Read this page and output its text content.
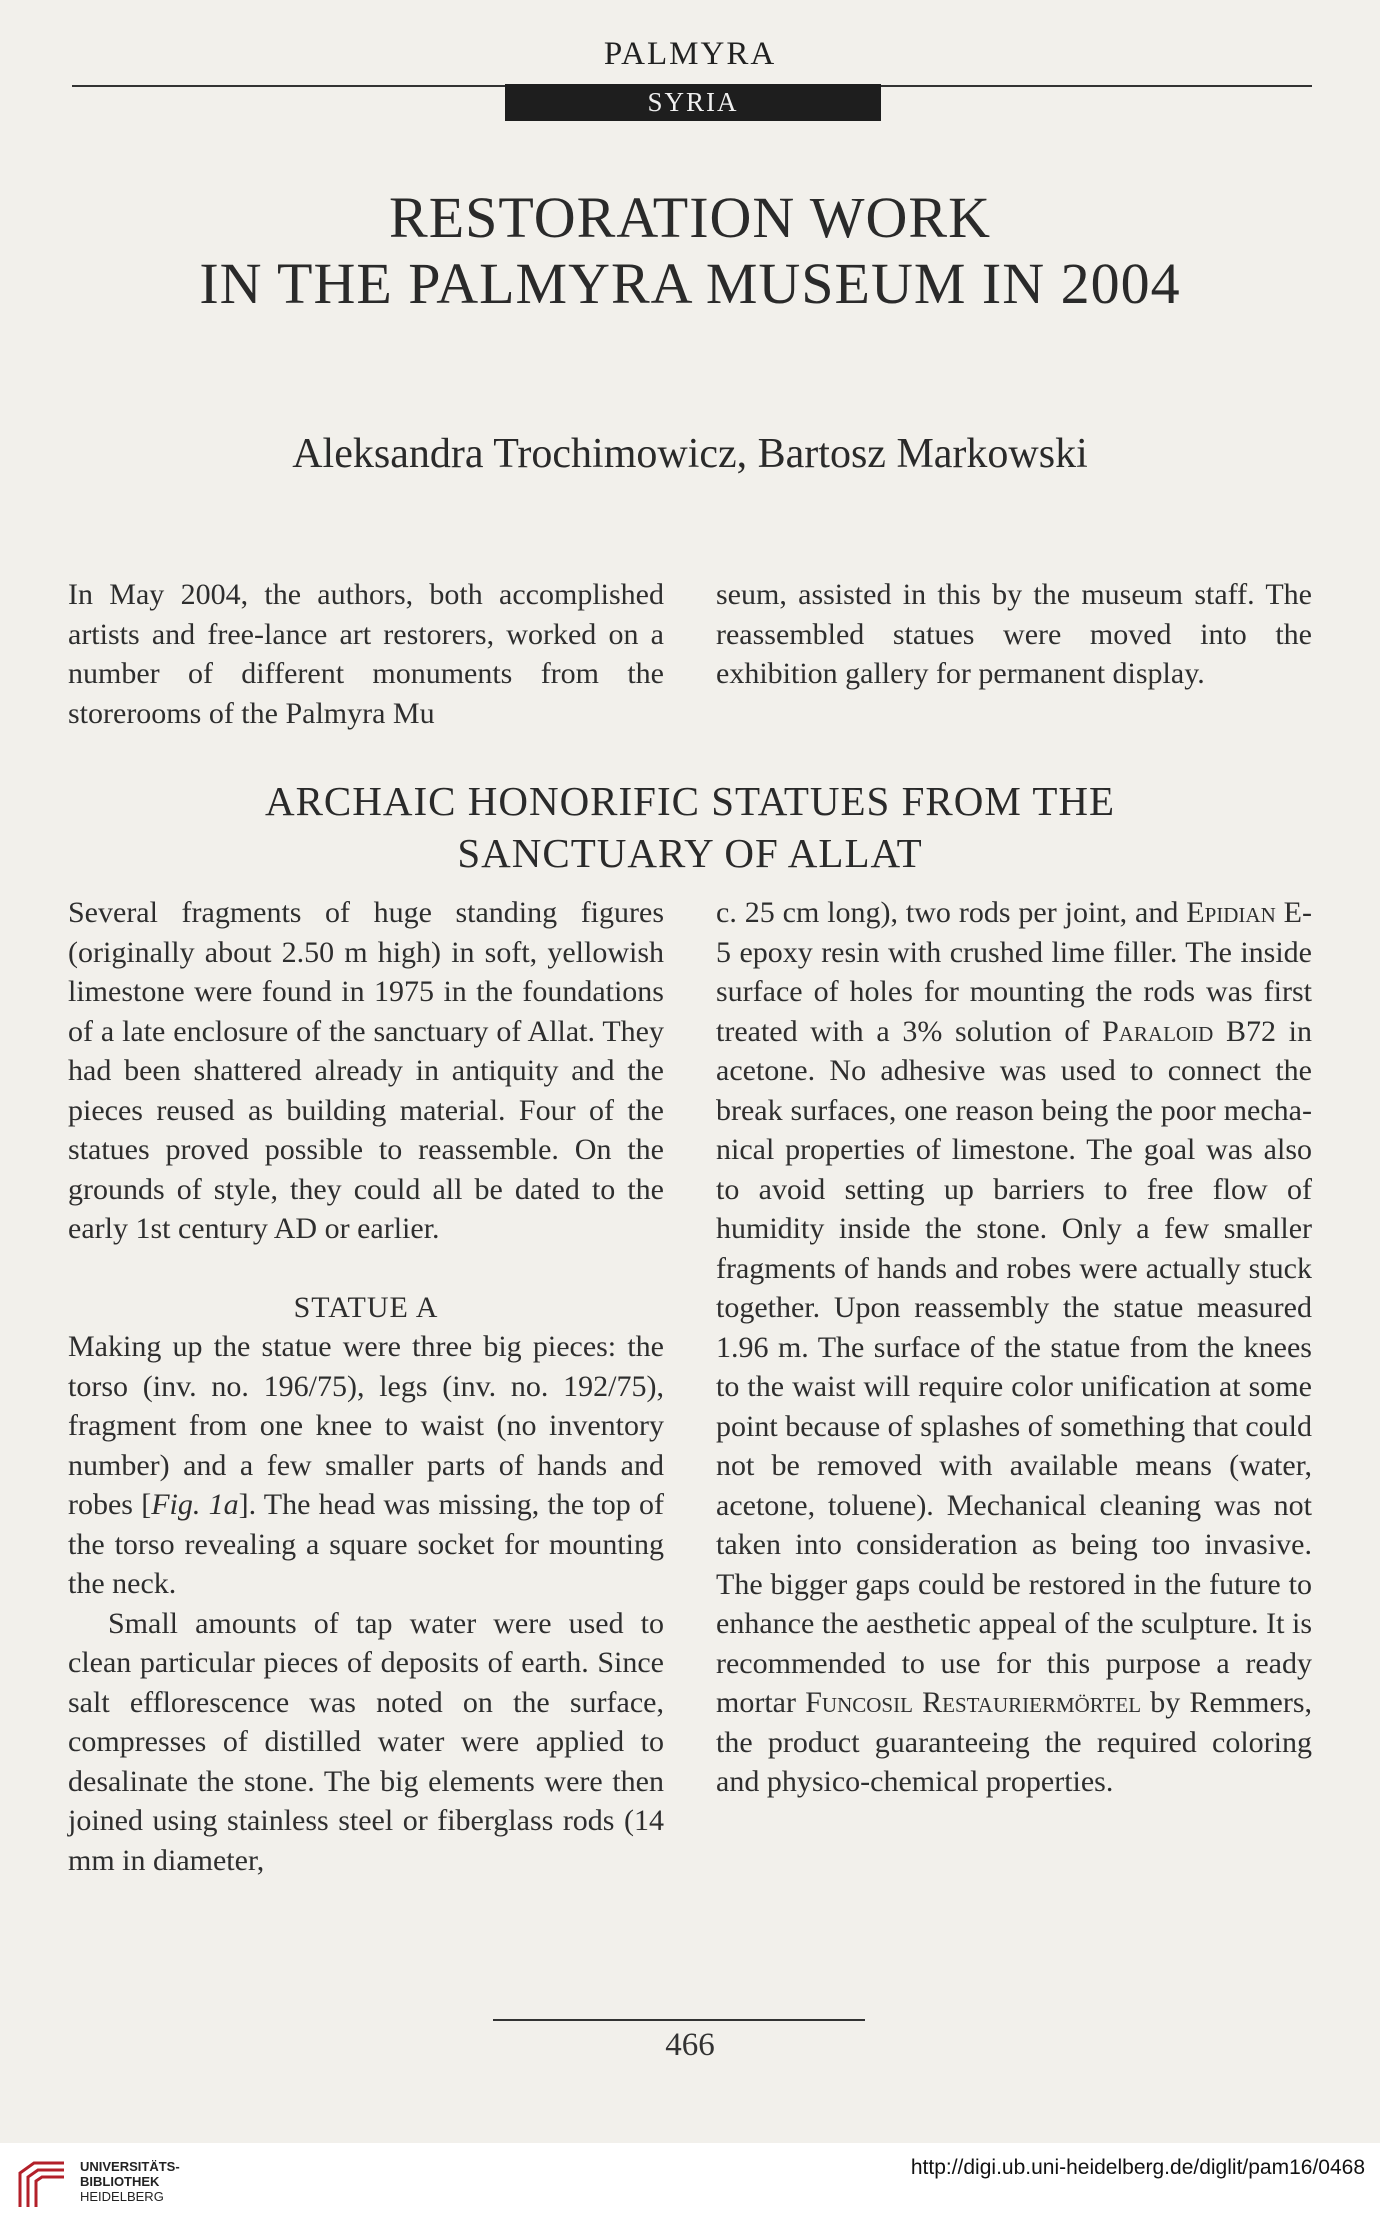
PALMYRA
SYRIA
RESTORATION WORK
IN THE PALMYRA MUSEUM IN 2004
Aleksandra Trochimowicz, Bartosz Markowski

In May 2004, the authors, both accomplished artists and free-lance art restorers, worked on a number of different monuments from the storerooms of the Palmyra Mu

seum, assisted in this by the museum staff. The reassembled statues were moved into the exhibition gallery for permanent display.

ARCHAIC HONORIFIC STATUES FROM THE
SANCTUARY OF ALLAT

Several fragments of huge standing figures (originally about 2.50 m high) in soft, yellowish limestone were found in 1975 in the foundations of a late enclosure of the sanctuary of Allat. They had been shattered already in antiquity and the pieces reused as building material. Four of the statues proved possible to reassemble. On the grounds of style, they could all be dated to the early 1st century AD or earlier.

STATUE A

Making up the statue were three big pieces: the torso (inv. no. 196/75), legs (inv. no. 192/75), fragment from one knee to waist (no inventory number) and a few smaller parts of hands and robes [Fig. 1a]. The head was missing, the top of the torso revealing a square socket for mounting the neck.

Small amounts of tap water were used to clean particular pieces of deposits of earth. Since salt efflorescence was noted on the surface, compresses of distilled water were applied to desalinate the stone. The big elements were then joined using stainless steel or fiberglass rods (14 mm in diameter,

c. 25 cm long), two rods per joint, and Epidian E-5 epoxy resin with crushed lime filler. The inside surface of holes for mounting the rods was first treated with a 3% solution of Paraloid B72 in acetone. No adhesive was used to connect the break surfaces, one reason being the poor mechanical properties of limestone. The goal was also to avoid setting up barriers to free flow of humidity inside the stone. Only a few smaller fragments of hands and robes were actually stuck together. Upon reassembly the statue measured 1.96 m. The surface of the statue from the knees to the waist will require color unification at some point because of splashes of something that could not be removed with available means (water, acetone, toluene). Mechanical cleaning was not taken into consideration as being too invasive. The bigger gaps could be restored in the future to enhance the aesthetic appeal of the sculpture. It is recommended to use for this purpose a ready mortar Funcosil Restauriermörtel by Remmers, the product guaranteeing the required coloring and physico-chemical properties.

466
UNIVERSITÄTS-
BIBLIOTHEK
HEIDELBERG
http://digi.ub.uni-heidelberg.de/diglit/pam16/0468
